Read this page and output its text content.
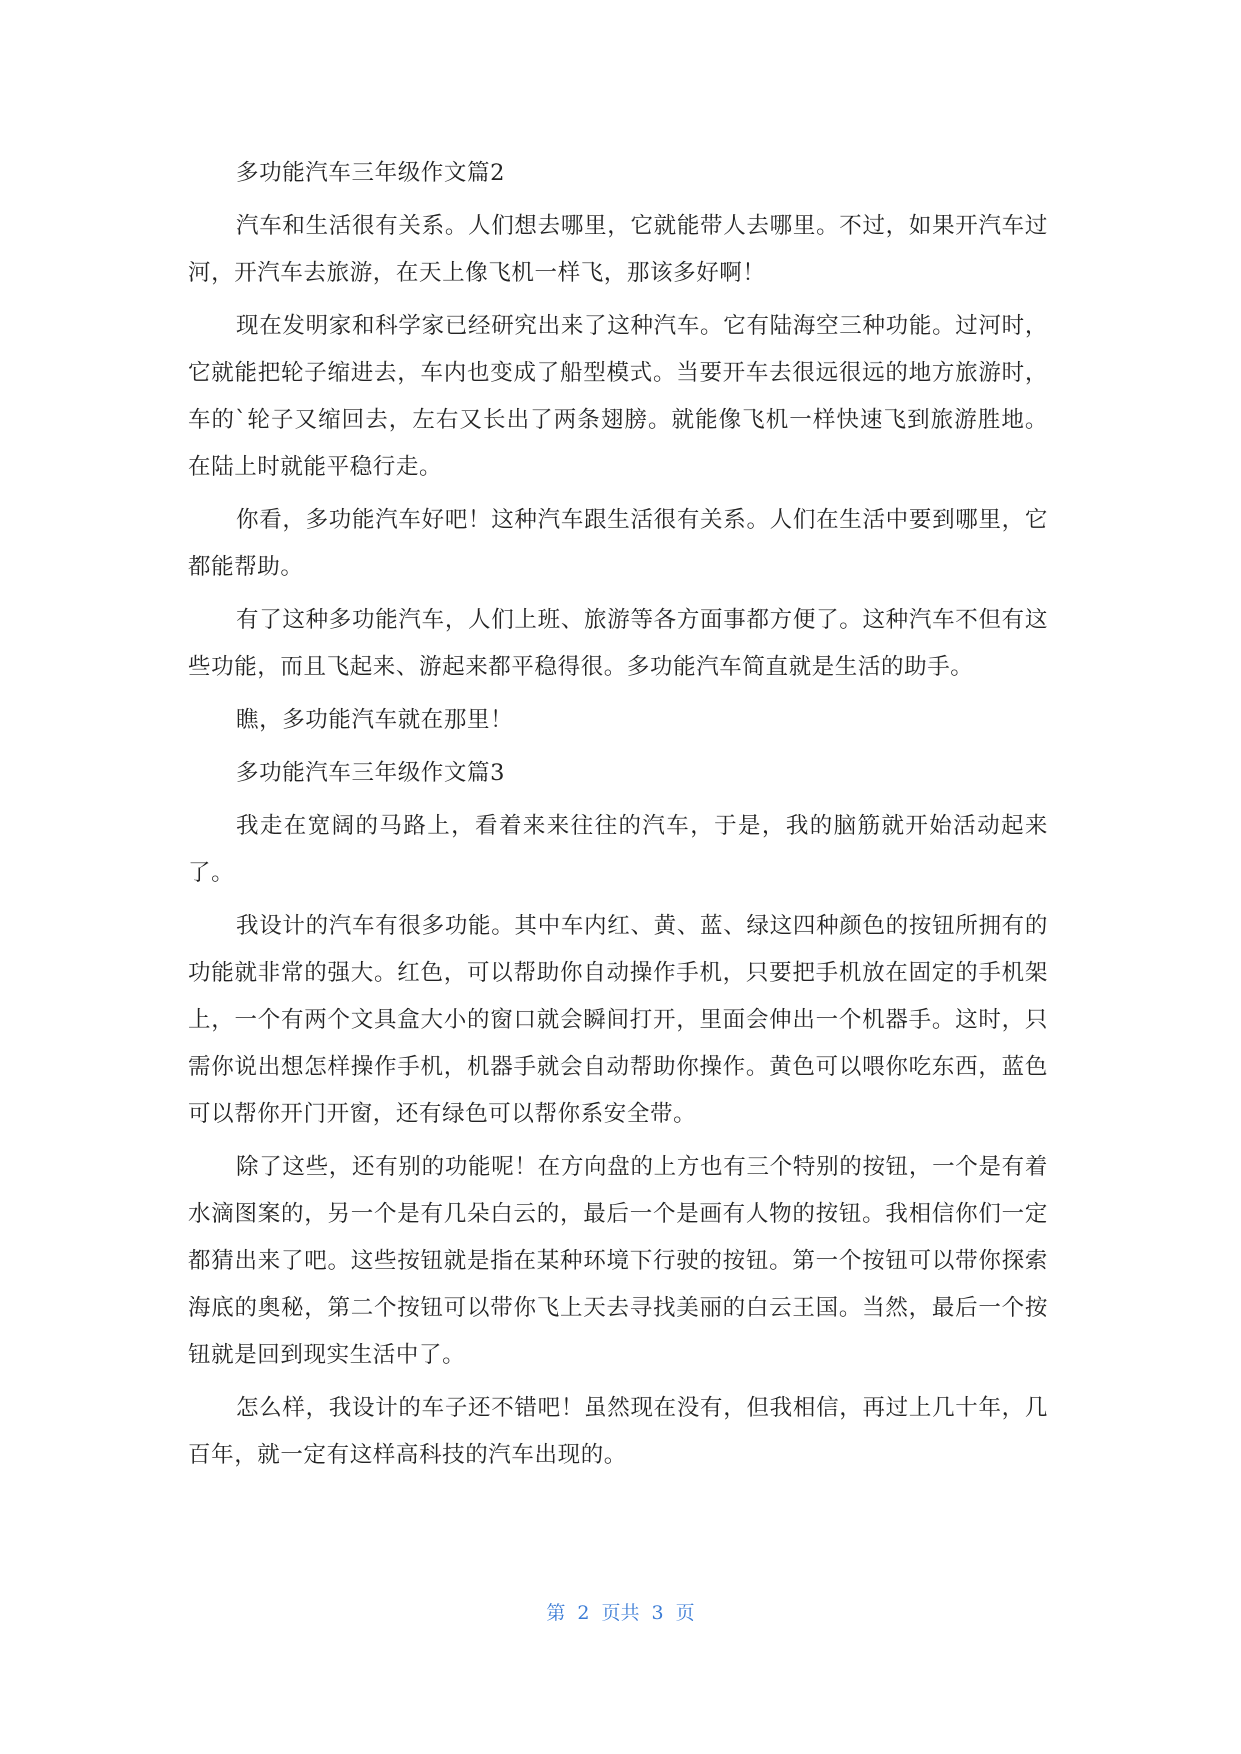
多功能汽车三年级作文篇2

汽车和生活很有关系。人们想去哪里，它就能带人去哪里。不过，如果开汽车过河，开汽车去旅游，在天上像飞机一样飞，那该多好啊！

现在发明家和科学家已经研究出来了这种汽车。它有陆海空三种功能。过河时，它就能把轮子缩进去，车内也变成了船型模式。当要开车去很远很远的地方旅游时，车的`轮子又缩回去，左右又长出了两条翅膀。就能像飞机一样快速飞到旅游胜地。在陆上时就能平稳行走。

你看，多功能汽车好吧！这种汽车跟生活很有关系。人们在生活中要到哪里，它都能帮助。

有了这种多功能汽车，人们上班、旅游等各方面事都方便了。这种汽车不但有这些功能，而且飞起来、游起来都平稳得很。多功能汽车简直就是生活的助手。

瞧，多功能汽车就在那里！

多功能汽车三年级作文篇3

我走在宽阔的马路上，看着来来往往的汽车，于是，我的脑筋就开始活动起来了。

我设计的汽车有很多功能。其中车内红、黄、蓝、绿这四种颜色的按钮所拥有的功能就非常的强大。红色，可以帮助你自动操作手机，只要把手机放在固定的手机架上，一个有两个文具盒大小的窗口就会瞬间打开，里面会伸出一个机器手。这时，只需你说出想怎样操作手机，机器手就会自动帮助你操作。黄色可以喂你吃东西，蓝色可以帮你开门开窗，还有绿色可以帮你系安全带。

除了这些，还有别的功能呢！在方向盘的上方也有三个特别的按钮，一个是有着水滴图案的，另一个是有几朵白云的，最后一个是画有人物的按钮。我相信你们一定都猜出来了吧。这些按钮就是指在某种环境下行驶的按钮。第一个按钮可以带你探索海底的奥秘，第二个按钮可以带你飞上天去寻找美丽的白云王国。当然，最后一个按钮就是回到现实生活中了。

怎么样，我设计的车子还不错吧！虽然现在没有，但我相信，再过上几十年，几百年，就一定有这样高科技的汽车出现的。

第 2 页共 3 页
